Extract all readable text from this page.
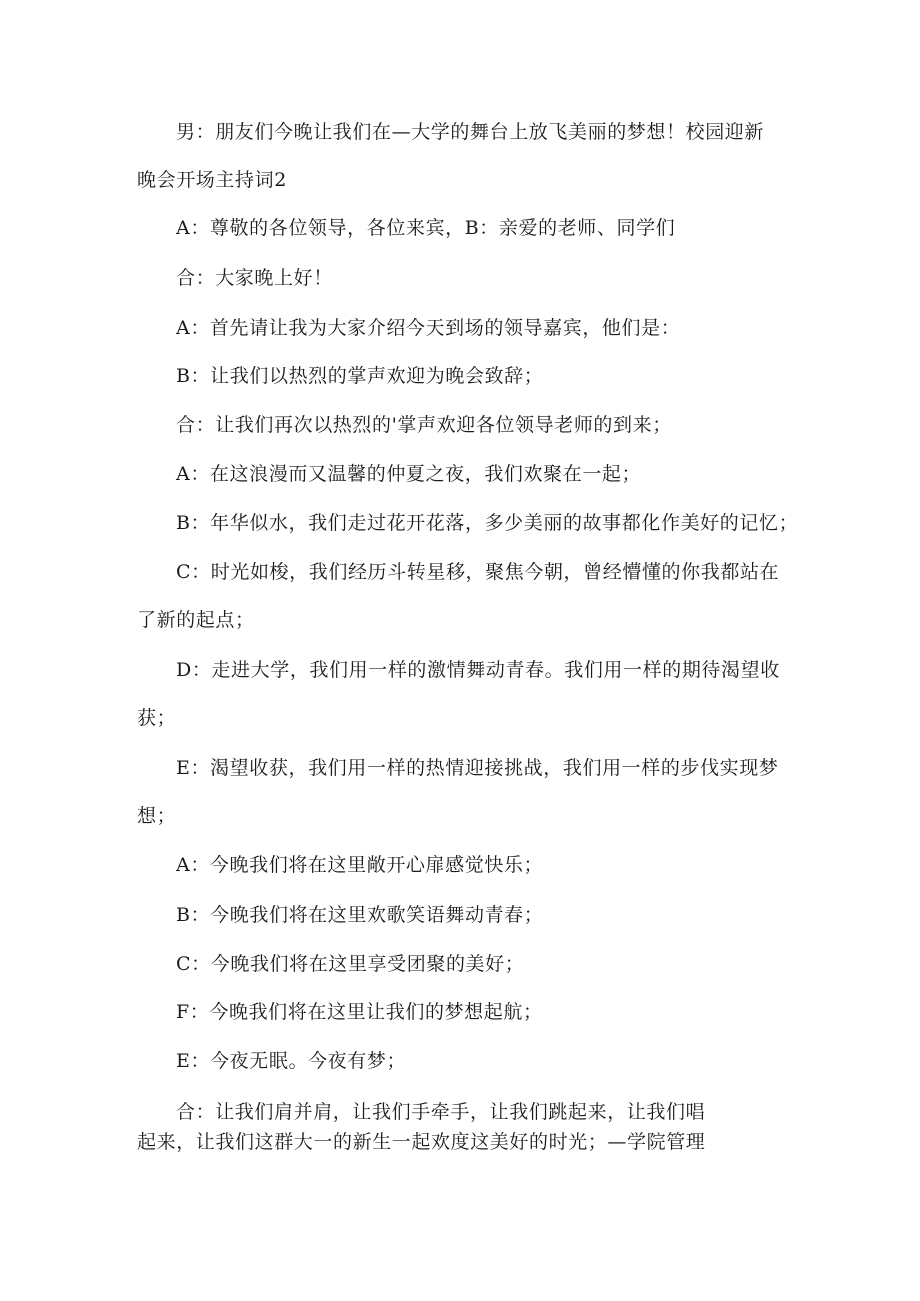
男：朋友们今晚让我们在—大学的舞台上放飞美丽的梦想！校园迎新
晚会开场主持词2
A：尊敬的各位领导，各位来宾，B：亲爱的老师、同学们
合：大家晚上好！
A：首先请让我为大家介绍今天到场的领导嘉宾，他们是：
B：让我们以热烈的掌声欢迎为晚会致辞；
合：让我们再次以热烈的'掌声欢迎各位领导老师的到来；
A：在这浪漫而又温馨的仲夏之夜，我们欢聚在一起；
B：年华似水，我们走过花开花落，多少美丽的故事都化作美好的记忆；
C：时光如梭，我们经历斗转星移，聚焦今朝，曾经懵懂的你我都站在
了新的起点；
D：走进大学，我们用一样的激情舞动青春。我们用一样的期待渴望收
获；
E：渴望收获，我们用一样的热情迎接挑战，我们用一样的步伐实现梦
想；
A：今晚我们将在这里敞开心扉感觉快乐；
B：今晚我们将在这里欢歌笑语舞动青春；
C：今晚我们将在这里享受团聚的美好；
F：今晚我们将在这里让我们的梦想起航；
E：今夜无眠。今夜有梦；
合：让我们肩并肩，让我们手牵手，让我们跳起来，让我们唱
起来，让我们这群大一的新生一起欢度这美好的时光；—学院管理
